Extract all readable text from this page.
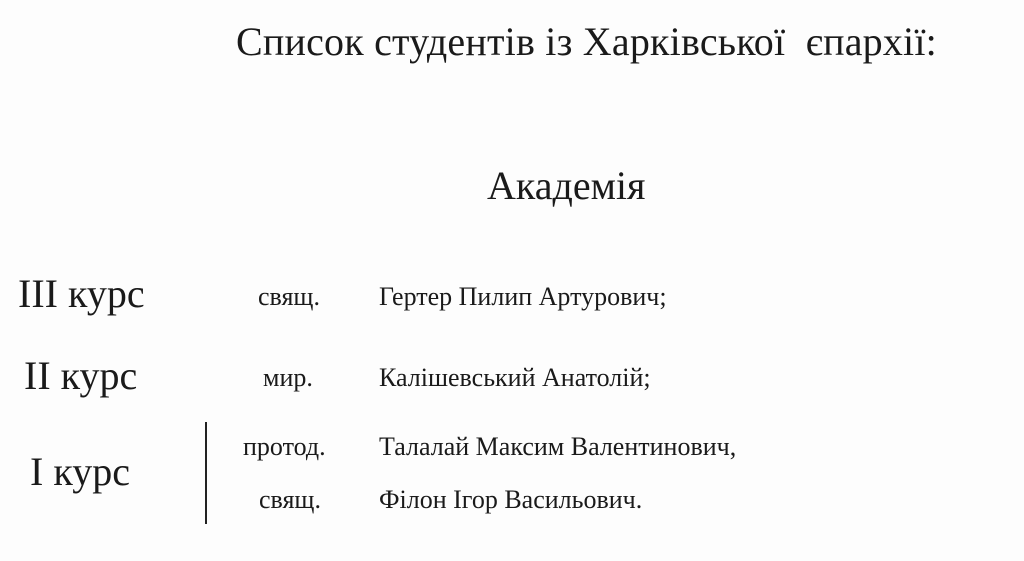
Список студентів із Харківської  єпархії:
Академія
III курс	свящ. Гертер Пилип Артурович;
II курс	мир.	Калішевський Анатолій;
I курс
протод. Талалай Максим Валентинович,
свящ. Філон Ігор Васильович.
